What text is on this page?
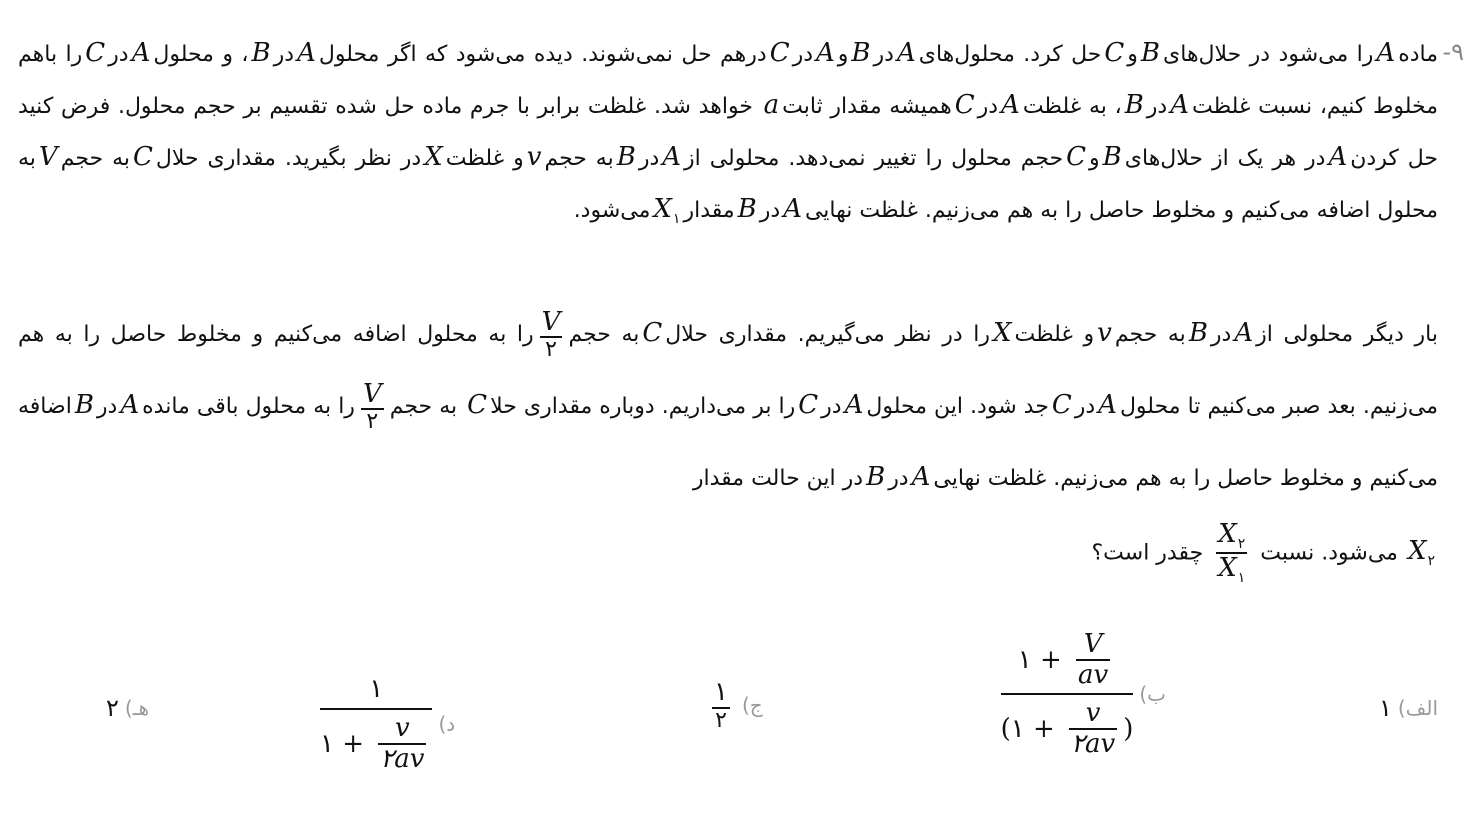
-۹
مادهAرا می‌شود در حلال‌هایBوCحل کرد. محلول‌هایAدرBوAدرCدرهم حل نمی‌شوند. دیده می‌شود که اگر محلولAدرB، و محلولAدرCرا باهم مخلوط کنیم، نسبت غلظتAدرB، به غلظتAدرCهمیشه مقدار ثابتa خواهد شد. غلظت برابر با جرم ماده حل شده تقسیم بر حجم محلول. فرض کنید حل کردنAدر هر یک از حلال‌هایBوCحجم محلول را تغییر نمی‌دهد. محلولی ازAدرBبه حجمvو غلظتXدر نظر بگیرید. مقداری حلالCبه حجمVبه محلول اضافه می‌کنیم و مخلوط حاصل را به هم می‌زنیم. غلظت نهاییAدرBمقدارX$_۱$می‌شود.
بار دیگر محلولی ازAدرBبه حجمvو غلظتXرا در نظر می‌گیریم. مقداری حلالCبه حجم
$\frac{V}{۲}$
را به محلول اضافه می‌کنیم و مخلوط حاصل را به هم می‌زنیم. بعد صبر می‌کنیم تا محلولAدرCجد شود. این محلولAدرCرا بر می‌داریم. دوباره مقداری حلاC به حجم
$\frac{V}{۲}$
را به محلول باقی ماندهAدرBاضافه می‌کنیم و مخلوط حاصل را به هم می‌زنیم. غلظت نهاییAدرBدر این حالت مقدار
$X_۲$ می‌شود. نسبت
$\frac{X_۲}{X_۱}$
چقدر است؟
الف)
۱
ب)
۱
+
$\frac{V}{av}$
( ۱
+
$\frac{v}{۲av}$ )
ج)
$\frac{۱}{۲}$
د)
۱
۱
+
$\frac{v}{۲av}$
هـ)
۲
